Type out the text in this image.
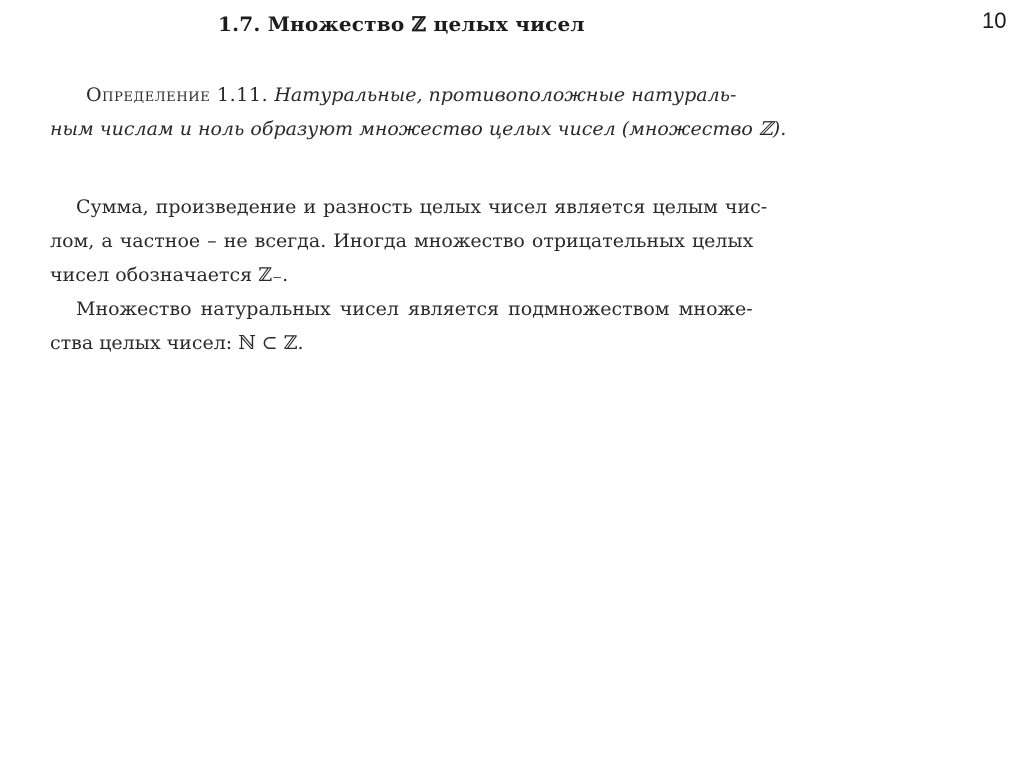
10
1.7. Множество ℤ целых чисел
Определение 1.11. Натуральные, противоположные натураль-
ным числам и ноль образуют множество целых чисел (множество ℤ).
Сумма, произведение и разность целых чисел является целым чис-
лом, а частное – не всегда. Иногда множество отрицательных целых
чисел обозначается ℤ₋.
Множество натуральных чисел является подмножеством множе-
ства целых чисел: ℕ ⊂ ℤ.
